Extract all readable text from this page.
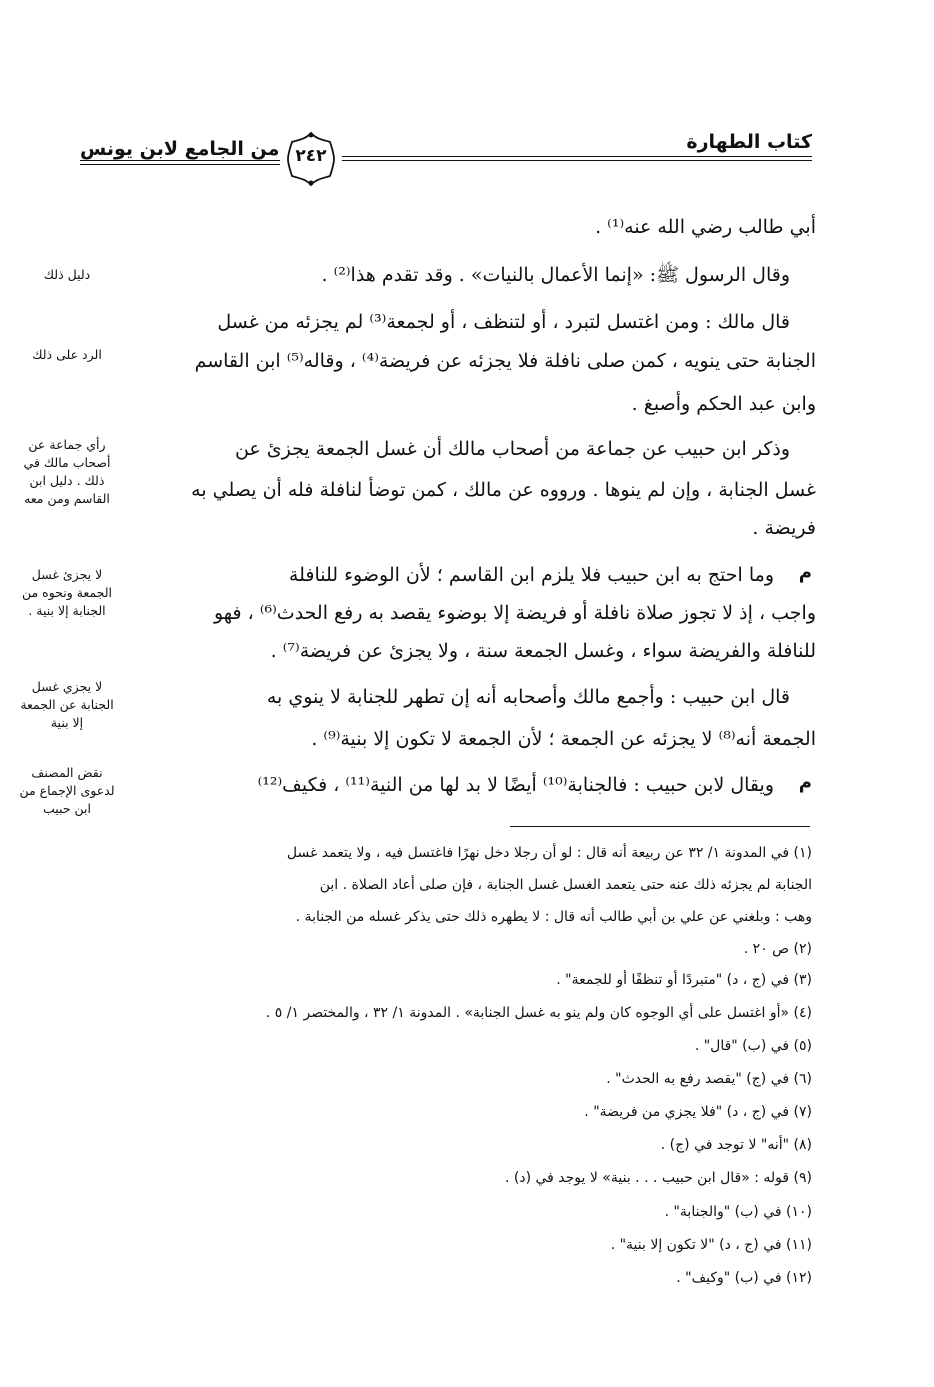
كتاب الطهارة
من الجامع لابن يونس ٢٤٢
أبي طالب رضي الله عنه⁽¹⁾ .
وقال الرسول ﷺ: «إنما الأعمال بالنيات» . وقد تقدم هذا⁽²⁾ .
قال مالك : ومن اغتسل لتبرد ، أو لتنظف ، أو لجمعة⁽³⁾ لم يجزئه من غسل
الجنابة حتى ينويه ، كمن صلى نافلة فلا يجزئه عن فريضة⁽⁴⁾ ، وقاله⁽⁵⁾ ابن القاسم
وابن عبد الحكم وأصبغ .
وذكر ابن حبيب عن جماعة من أصحاب مالك أن غسل الجمعة يجزئ عن
غسل الجنابة ، وإن لم ينوها . ورووه عن مالك ، كمن توضأ لنافلة فله أن يصلي به
فريضة .
م
وما احتج به ابن حبيب فلا يلزم ابن القاسم ؛ لأن الوضوء للنافلة
واجب ، إذ لا تجوز صلاة نافلة أو فريضة إلا بوضوء يقصد به رفع الحدث⁽⁶⁾ ، فهو
للنافلة والفريضة سواء ، وغسل الجمعة سنة ، ولا يجزئ عن فريضة⁽⁷⁾ .
قال ابن حبيب : وأجمع مالك وأصحابه أنه إن تطهر للجنابة لا ينوي به
الجمعة أنه⁽⁸⁾ لا يجزئه عن الجمعة ؛ لأن الجمعة لا تكون إلا بنية⁽⁹⁾ .
م
ويقال لابن حبيب : فالجنابة⁽¹⁰⁾ أيضًا لا بد لها من النية⁽¹¹⁾ ، فكيف⁽¹²⁾
دليل ذلك
الرد على ذلك
رأي جماعة عن أصحاب مالك في ذلك . دليل ابن القاسم ومن معه
لا يجزئ غسل الجمعة ونحوه من الجنابة إلا بنية .
لا يجزي غسل الجنابة عن الجمعة إلا بنية
نقض المصنف لدعوى الإجماع من ابن حبيب
(١) في المدونة ١/ ٣٢ عن ربيعة أنه قال : لو أن رجلا دخل نهرًا فاغتسل فيه ، ولا يتعمد غسل
الجنابة لم يجزئه ذلك عنه حتى يتعمد الغسل غسل الجنابة ، فإن صلى أعاد الصلاة . ابن
وهب : وبلغني عن علي بن أبي طالب أنه قال : لا يطهره ذلك حتى يذكر غسله من الجنابة .
(٢) ص ٢٠ .
(٣) في (ج ، د) "متبردًا أو تنظفًا أو للجمعة" .
(٤) «أو اغتسل على أي الوجوه كان ولم ينو به غسل الجنابة» . المدونة ١/ ٣٢ ، والمختصر ١/ ٥ .
(٥) في (ب) "قال" .
(٦) في (ج) "يقصد رفع به الحدث" .
(٧) في (ج ، د) "فلا يجزي من فريضة" .
(٨) "أنه" لا توجد في (ج) .
(٩) قوله : «قال ابن حبيب . . . بنية» لا يوجد في (د) .
(١٠) في (ب) "والجنابة" .
(١١) في (ج ، د) "لا تكون إلا بنية" .
(١٢) في (ب) "وكيف" .
